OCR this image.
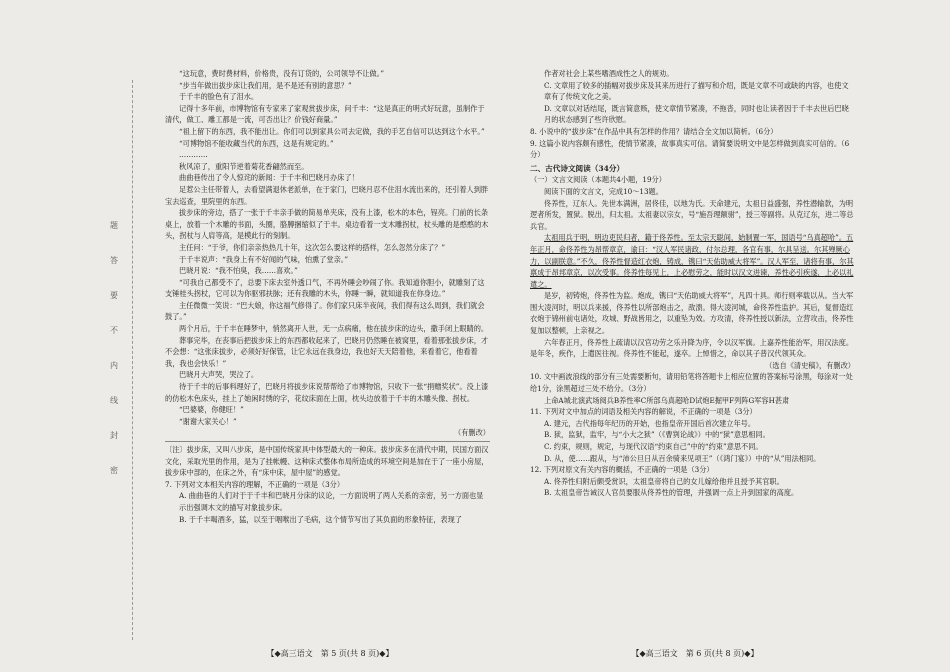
题
答
要
不
内
线
封
密

“这玩意，费时费材料，价格贵，没有订货的，公司领导不让做。”

“步当年做出拔步床让我们用，是不是还有别的意思？”

于千丰的脸色有了泪水。

记得十多年前，市博物馆有专家来了家观赏拔步床，问千丰：“这是真正的明式好玩意，虽制作于清代，做工、雕工都是一流，可否出让？价钱好商量。”

“祖上留下的东西，我不能出让。你们可以到家具公司去定做，我的手艺自信可以达到这个水平。”

“可博物馆不能收藏当代的东西，这是有规定的。”

…………

秋风凉了，重阳节逆着菊花香翩然而至。

曲曲巷传出了令人惊诧的新闻：于千丰和巴晓月办床了！

足惹公主任带着人，去看望满退休老派单，在于家门，巴晓月忍不住泪水流出来的，还引着人到胖宝去巡查，里院里的东西。

拔步床的旁边，搭了一张于千丰亲手做的简易单夹床，没有上漆，松木的本色，锃亮。门前的长条桌上，放着一个木雕的书面，头圈，胳膊捆缩似了于丰。桌边看着一支木雕拐杖，杖头雕的是憨憨的木头，拐杖与人肩等高，是模此行的刻制。

主任问：“于爷，你们亲亲热热几十年，这次怎么要这样的搭样，怎么忽然分床了？”

于千丰说声：“我身上有不好闻的气味，怕熏了堂亲。”

巴晓月说：“我不怕臭，我……喜欢。”

“可我自己都受不了，总要下床去室外透口气，不再外睡会吵闹了你。我知道你胆小，就雕刻了这支锤桂头拐杖，它可以为你驱邪扶脉；还有我雕的木头，你睡一瞬，就知道我在你身边。”

主任微微一笑说：“巴大娘，你这福气修得了。你们家只床半夜间，我们得有这么周到，我们就会鼓了。”

两个月后，于千丰在睡梦中，悄然离开人世，无一点病痛，他在拔步床的边头，撒手闭上眼睛的。

葬事完毕，在丧事后把拔步床上的东西都收起来了，巴晓月仍然睡在被窝里，看着那张拔步床，才不会想：“这张床拔步，必须好好保管，让它永远在我身边，我也好天天陪着他，来看着它，他看着我，我也会快乐！”

巴晓月大声哭，哭泣了。

待于千丰的后事料理好了，巴晓月将拔步床说帮帮给了市博物馆，只收下一张“捐赠奖状”。没上漆的仿松木色床头，挂上了她闲时绣的字，花纹床面在上面，枕头边放着于千丰的木雕头像、拐杖。

“巴婆婆，你健旺！”

“谢谢大家关心！”

（有删改）

〔注〕拔步床，又叫八步床，是中国传统家具中体型最大的一种床。拔步床多在清代中期，民国方面汉文化，采取光里的作用，是为了挂帐幔、这种床式整体布局所造成的环境空间是加在于了一座小房屋，拔步床中部的，在床之外，有“床中床，屋中屋”的感觉。

7. 下列对文本相关内容的理解，不正确的一项是（3分）

A. 曲曲巷的人们对于于千丰和巴晓月分床的议论，一方面说明了两人关系的亲密，另一方面也显示出强调木文的描写对象拔步床。

B. 于千丰喝酒多，猛，以至于咽喉出了毛病，这个情节写出了其负面的形象特征，表现了

作者对社会上某些嗜酒成性之人的规劝。

C. 文章用了较多的插幅对拔步床及其来历进行了描写和介绍，既是文章不可或缺的内容，也使文章有了传统文化之美。

D. 文章以对话结尾，既言简意赅，使文章情节紧凑，不拖沓，同时也让读者因于千丰去世后巴晓月的状态感到了些许欣慰。

8. 小说中的“拔步床”在作品中具有怎样的作用？请结合全文加以简析。（6分）

9. 这篇小说内容颇有感性，使情节紧凑，故事真实可信。请简要说明文中是怎样做到真实可信的。（6分）

二、古代诗文阅读（34分）

（一）文言文阅读（本题共4小题，19分）

阅读下面的文言文，完成10～13题。

佟养性，辽东人。先世本满洲，居佟佳，以地为氏。天命建元，太祖日益盛强，养性潜输款，为明逻者所发，置狱。脱出，归太祖。太祖妻以宗女，号“施吾理额驸”，授三等副将。从克辽东，进二等总兵官。

太祖用兵于明，明边吏民归者，籍于佟养性。至太宗天聪间，始制置一军，国语号“乌真超哈”。五年正月，命佟养性为昂帮章京，谕曰：“汉人军民诸政，付尔总理，各官有事，尔具呈送。尔其殚厥心力，以副朕意。”不久，佟养性督造红衣炮，铸成，镌曰“天佑助威大将军”。汉人军至，诸将有事，尔其禀成于昂邦章京，以次受事。佟养性每见上，上必慰劳之，能时以汉文进谏，养性必引疾遂，上必以礼遣之。

是岁，初铸炮，佟养性为监。炮成，镌曰“天佑助威大将军”，凡四十具。师行则率载以从。当大军围大凌河时，明以兵来援，佟养性以所部炮击之，敌溃。得大凌河城，命佟养性监护。其后，复督造红衣炮于锦州前屯诸处，攻城、野战皆用之，以重坠为效。方攻清，佟养性授以新法，立营攻击，佟养性复加以整顿，上亲视之。

六年春正月，佟养性上疏请以汉官功劳之乐升降为序，令以汉军旗。上嘉养性能治军，用汉法度。是年冬，疾作，上遣医往视。佟养性不能起，遂卒。上悼惜之，命以其子普汉代领其众。

（选自《清史稿》，有删改）

10. 文中画波浪线的部分有三处需要断句，请用铅笔将答题卡上相应位置的答案标号涂黑，每涂对一处给1分，涂黑超过三处不给分。（3分）

上命A城北演武场阅兵B养性率C所部乌真超哈D试炮E掘甲F列阵G军容H甚肃

11. 下列对文中加点的词语及相关内容的解说，不正确的一项是（3分）

A. 建元，古代指每年纪历的开始，也指皇帝开国后首次建立年号。

B. 狱，监狱，监牢，与“小大之狱”（《曹刿论战》）中的“狱”意思相同。

C. 约束，规则，规定，与现代汉语“约束自己”中的“约束”意思不同。

D. 从，使……跟从，与“沛公旦日从百余骑来见项王”（《鸿门宴》）中的“从”用法相同。

12. 下列对原文有关内容的概括，不正确的一项是（3分）

A. 佟养性归附后颇受赏识，太祖皇帝将自己的女儿嫁给他并且授予其官职。

B. 太祖皇帝告诫汉人官员要服从佟养性的管理，并强调一点上升到国家的高度。

【◆高三语文　第 5 页(共 8 页)◆】	【◆高三语文　第 6 页(共 8 页)◆】
